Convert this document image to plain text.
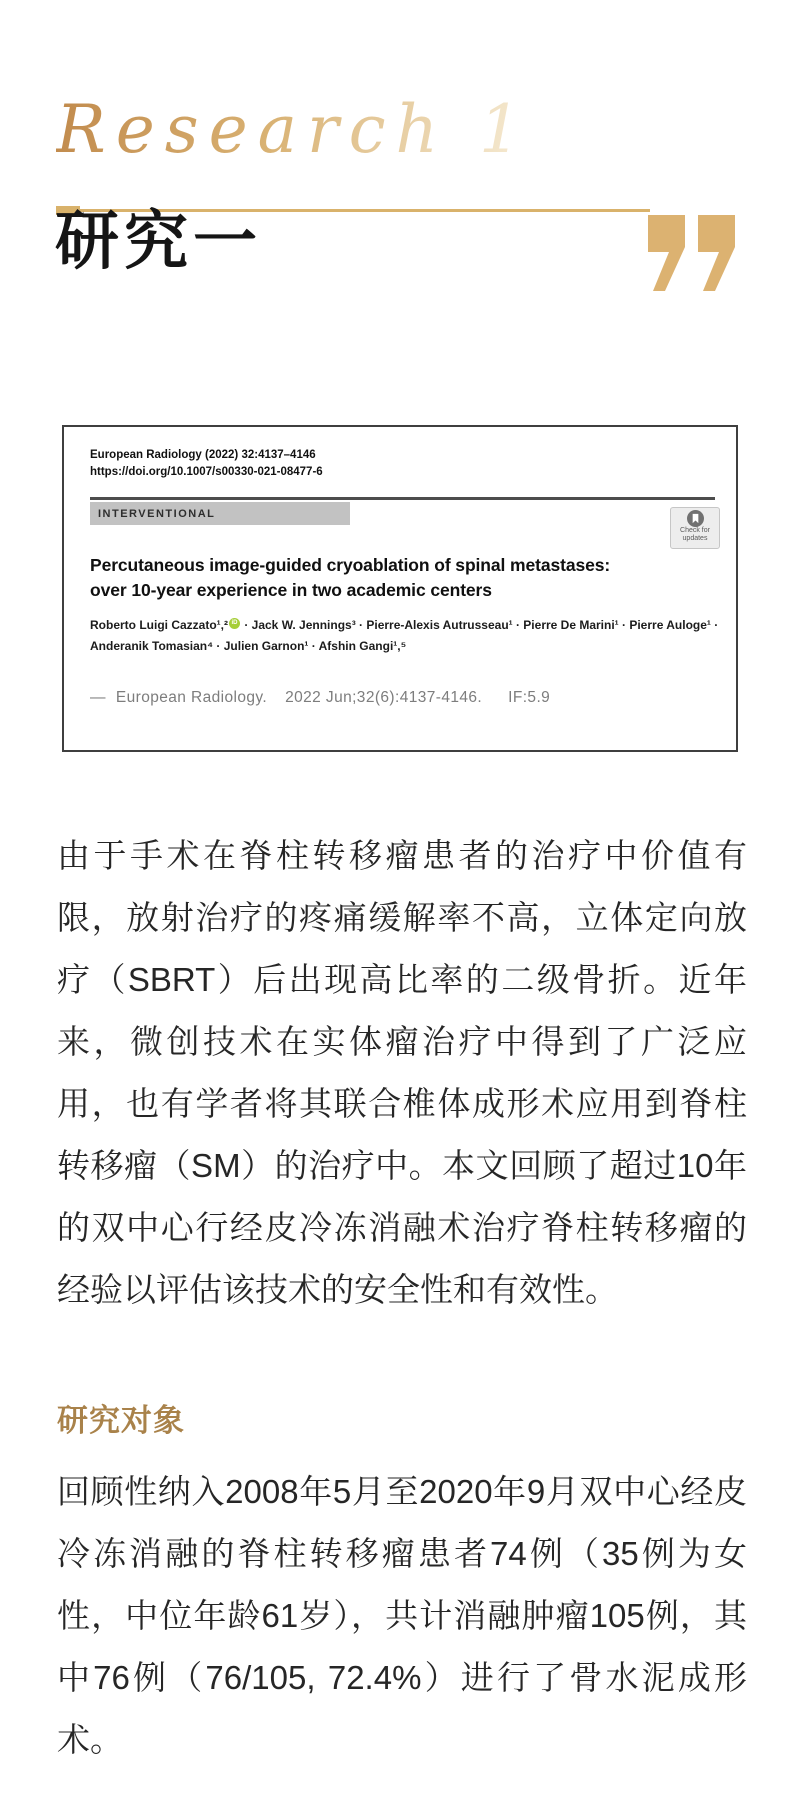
Research 1
研究一
European Radiology (2022) 32:4137–4146
https://doi.org/10.1007/s00330-021-08477-6
INTERVENTIONAL
Check for
updates
Percutaneous image-guided cryoablation of spinal metastases:
over 10-year experience in two academic centers
Roberto Luigi Cazzato¹,² iD · Jack W. Jennings³ · Pierre-Alexis Autrusseau¹ · Pierre De Marini¹ · Pierre Auloge¹ ·
Anderanik Tomasian⁴ · Julien Garnon¹ · Afshin Gangi¹,⁵
— European Radiology. 2022 Jun;32(6):4137-4146. IF:5.9

由于手术在脊柱转移瘤患者的治疗中价值有限，放射治疗的疼痛缓解率不高，立体定向放疗（SBRT）后出现高比率的二级骨折。近年来，微创技术在实体瘤治疗中得到了广泛应用，也有学者将其联合椎体成形术应用到脊柱转移瘤（SM）的治疗中。本文回顾了超过10年的双中心行经皮冷冻消融术治疗脊柱转移瘤的经验以评估该技术的安全性和有效性。

研究对象

回顾性纳入2008年5月至2020年9月双中心经皮冷冻消融的脊柱转移瘤患者74例（35例为女性，中位年龄61岁），共计消融肿瘤105例，其中76例（76/105, 72.4%）进行了骨水泥成形术。
